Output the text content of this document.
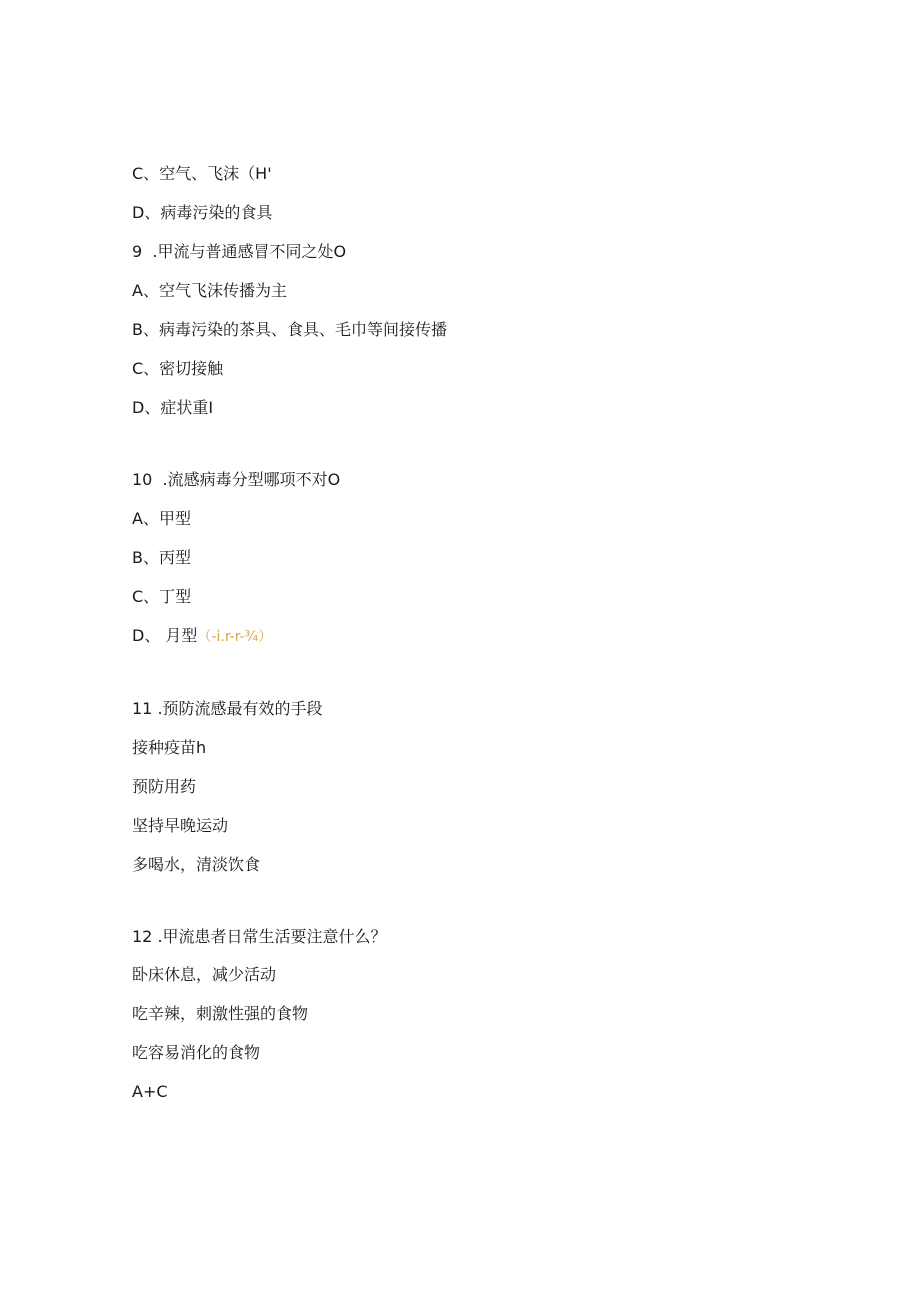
C、空气、飞沫（H'
D、病毒污染的食具
9  .甲流与普通感冒不同之处O
A、空气飞沫传播为主
B、病毒污染的茶具、食具、毛巾等间接传播
C、密切接触
D、症状重I
10  .流感病毒分型哪项不对O
A、甲型
B、丙型
C、丁型
D、 月型（-i.r-r-¾）
11 .预防流感最有效的手段
接种疫苗h
预防用药
坚持早晚运动
多喝水，清淡饮食
12 .甲流患者日常生活要注意什么？
卧床休息，减少活动
吃辛辣，刺激性强的食物
吃容易消化的食物
A+C
